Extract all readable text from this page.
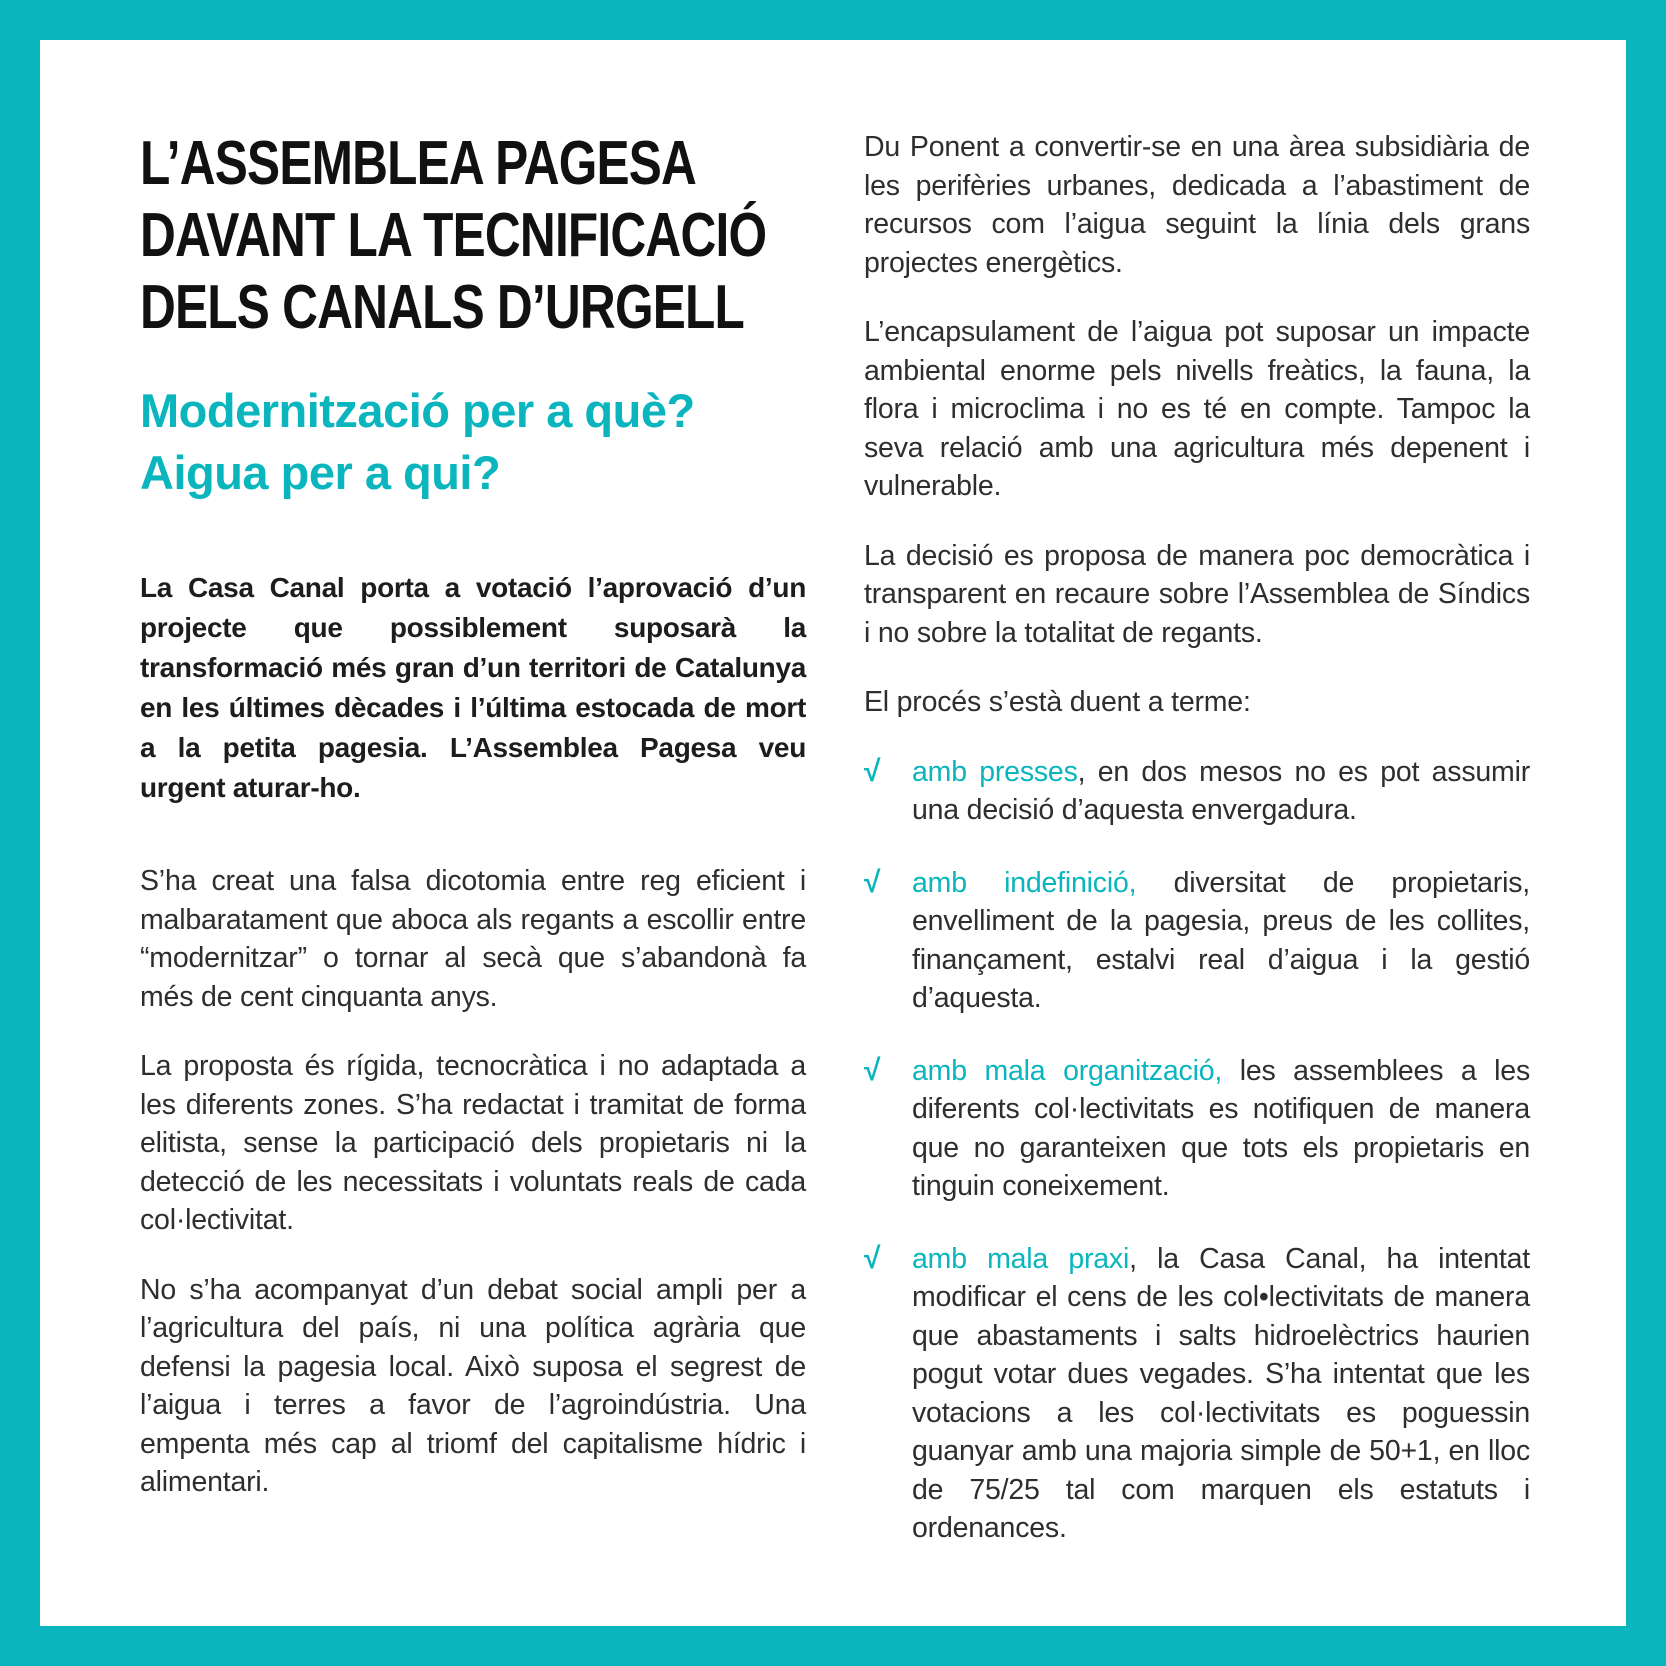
L’ASSEMBLEA PAGESA
DAVANT LA TECNIFICACIÓ
DELS CANALS D’URGELL
Modernització per a què?
Aigua per a qui?

La Casa Canal porta a votació l’aprovació d’un projecte que possiblement suposarà la transformació més gran d’un territori de Catalunya en les últimes dècades i l’última estocada de mort a la petita pagesia. L’Assemblea Pagesa veu urgent aturar-ho.

S’ha creat una falsa dicotomia entre reg eficient i malbaratament que aboca als regants a escollir entre “modernitzar” o tornar al secà que s’abandonà fa més de cent cinquanta anys.

La proposta és rígida, tecnocràtica i no adaptada a les diferents zones. S’ha redactat i tramitat de forma elitista, sense la participació dels propietaris ni la detecció de les necessitats i voluntats reals de cada col·lectivitat.

No s’ha acompanyat d’un debat social ampli per a l’agricultura del país, ni una política agrària que defensi la pagesia local. Això suposa el segrest de l’aigua i terres a favor de l’agroindústria. Una empenta més cap al triomf del capitalisme hídric i alimentari.

Du Ponent a convertir-se en una àrea subsidiària de les perifèries urbanes, dedicada a l’abastiment de recursos com l’aigua seguint la línia dels grans projectes energètics.

L’encapsulament de l’aigua pot suposar un impacte ambiental enorme pels nivells freàtics, la fauna, la flora i microclima i no es té en compte. Tampoc la seva relació amb una agricultura més depenent i vulnerable.

La decisió es proposa de manera poc democràtica i transparent en recaure sobre l’Assemblea de Síndics i no sobre la totalitat de regants.

El procés s’està duent a terme:

√	amb presses, en dos mesos no es pot assumir una decisió d’aquesta envergadura.

√	amb indefinició, diversitat de propietaris, envelliment de la pagesia, preus de les collites, finançament, estalvi real d’aigua i la gestió d’aquesta.

√	amb mala organització, les assemblees a les diferents col·lectivitats es notifiquen de manera que no garanteixen que tots els propietaris en tinguin coneixement.

√	amb mala praxi, la Casa Canal, ha intentat modificar el cens de les col•lectivitats de manera que abastaments i salts hidroelèctrics haurien pogut votar dues vegades. S’ha intentat que les votacions a les col·lectivitats es poguessin guanyar amb una majoria simple de 50+1, en lloc de 75/25 tal com marquen els estatuts i ordenances.
